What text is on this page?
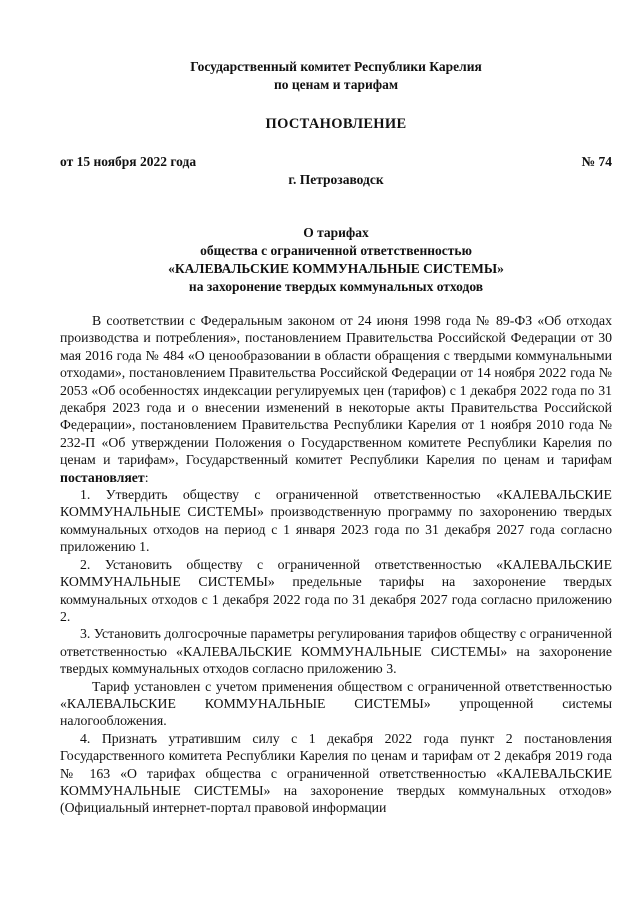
Государственный комитет Республики Карелия
по ценам и тарифам
ПОСТАНОВЛЕНИЕ
от 15 ноября 2022 года	№ 74
г. Петрозаводск
О тарифах
общества с ограниченной ответственностью
«КАЛЕВАЛЬСКИЕ КОММУНАЛЬНЫЕ СИСТЕМЫ»
на захоронение твердых коммунальных отходов

В соответствии с Федеральным законом от 24 июня 1998 года № 89-ФЗ «Об отходах производства и потребления», постановлением Правительства Российской Федерации от 30 мая 2016 года № 484 «О ценообразовании в области обращения с твердыми коммунальными отходами», постановлением Правительства Российской Федерации от 14 ноября 2022 года № 2053 «Об особенностях индексации регулируемых цен (тарифов) с 1 декабря 2022 года по 31 декабря 2023 года и о внесении изменений в некоторые акты Правительства Российской Федерации», постановлением Правительства Республики Карелия от 1 ноября 2010 года № 232-П «Об утверждении Положения о Государственном комитете Республики Карелия по ценам и тарифам», Государственный комитет Республики Карелия по ценам и тарифам постановляет:

1. Утвердить обществу с ограниченной ответственностью «КАЛЕВАЛЬСКИЕ КОММУНАЛЬНЫЕ СИСТЕМЫ» производственную программу по захоронению твердых коммунальных отходов на период с 1 января 2023 года по 31 декабря 2027 года согласно приложению 1.

2. Установить обществу с ограниченной ответственностью «КАЛЕВАЛЬСКИЕ КОММУНАЛЬНЫЕ СИСТЕМЫ» предельные тарифы на захоронение твердых коммунальных отходов с 1 декабря 2022 года по 31 декабря 2027 года согласно приложению 2.

3. Установить долгосрочные параметры регулирования тарифов обществу с ограниченной ответственностью «КАЛЕВАЛЬСКИЕ КОММУНАЛЬНЫЕ СИСТЕМЫ» на захоронение твердых коммунальных отходов согласно приложению 3.

Тариф установлен с учетом применения обществом с ограниченной ответственностью «КАЛЕВАЛЬСКИЕ КОММУНАЛЬНЫЕ СИСТЕМЫ» упрощенной системы налогообложения.

4. Признать утратившим силу с 1 декабря 2022 года пункт 2 постановления Государственного комитета Республики Карелия по ценам и тарифам от 2 декабря 2019 года № 163 «О тарифах общества с ограниченной ответственностью «КАЛЕВАЛЬСКИЕ КОММУНАЛЬНЫЕ СИСТЕМЫ» на захоронение твердых коммунальных отходов» (Официальный интернет-портал правовой информации
